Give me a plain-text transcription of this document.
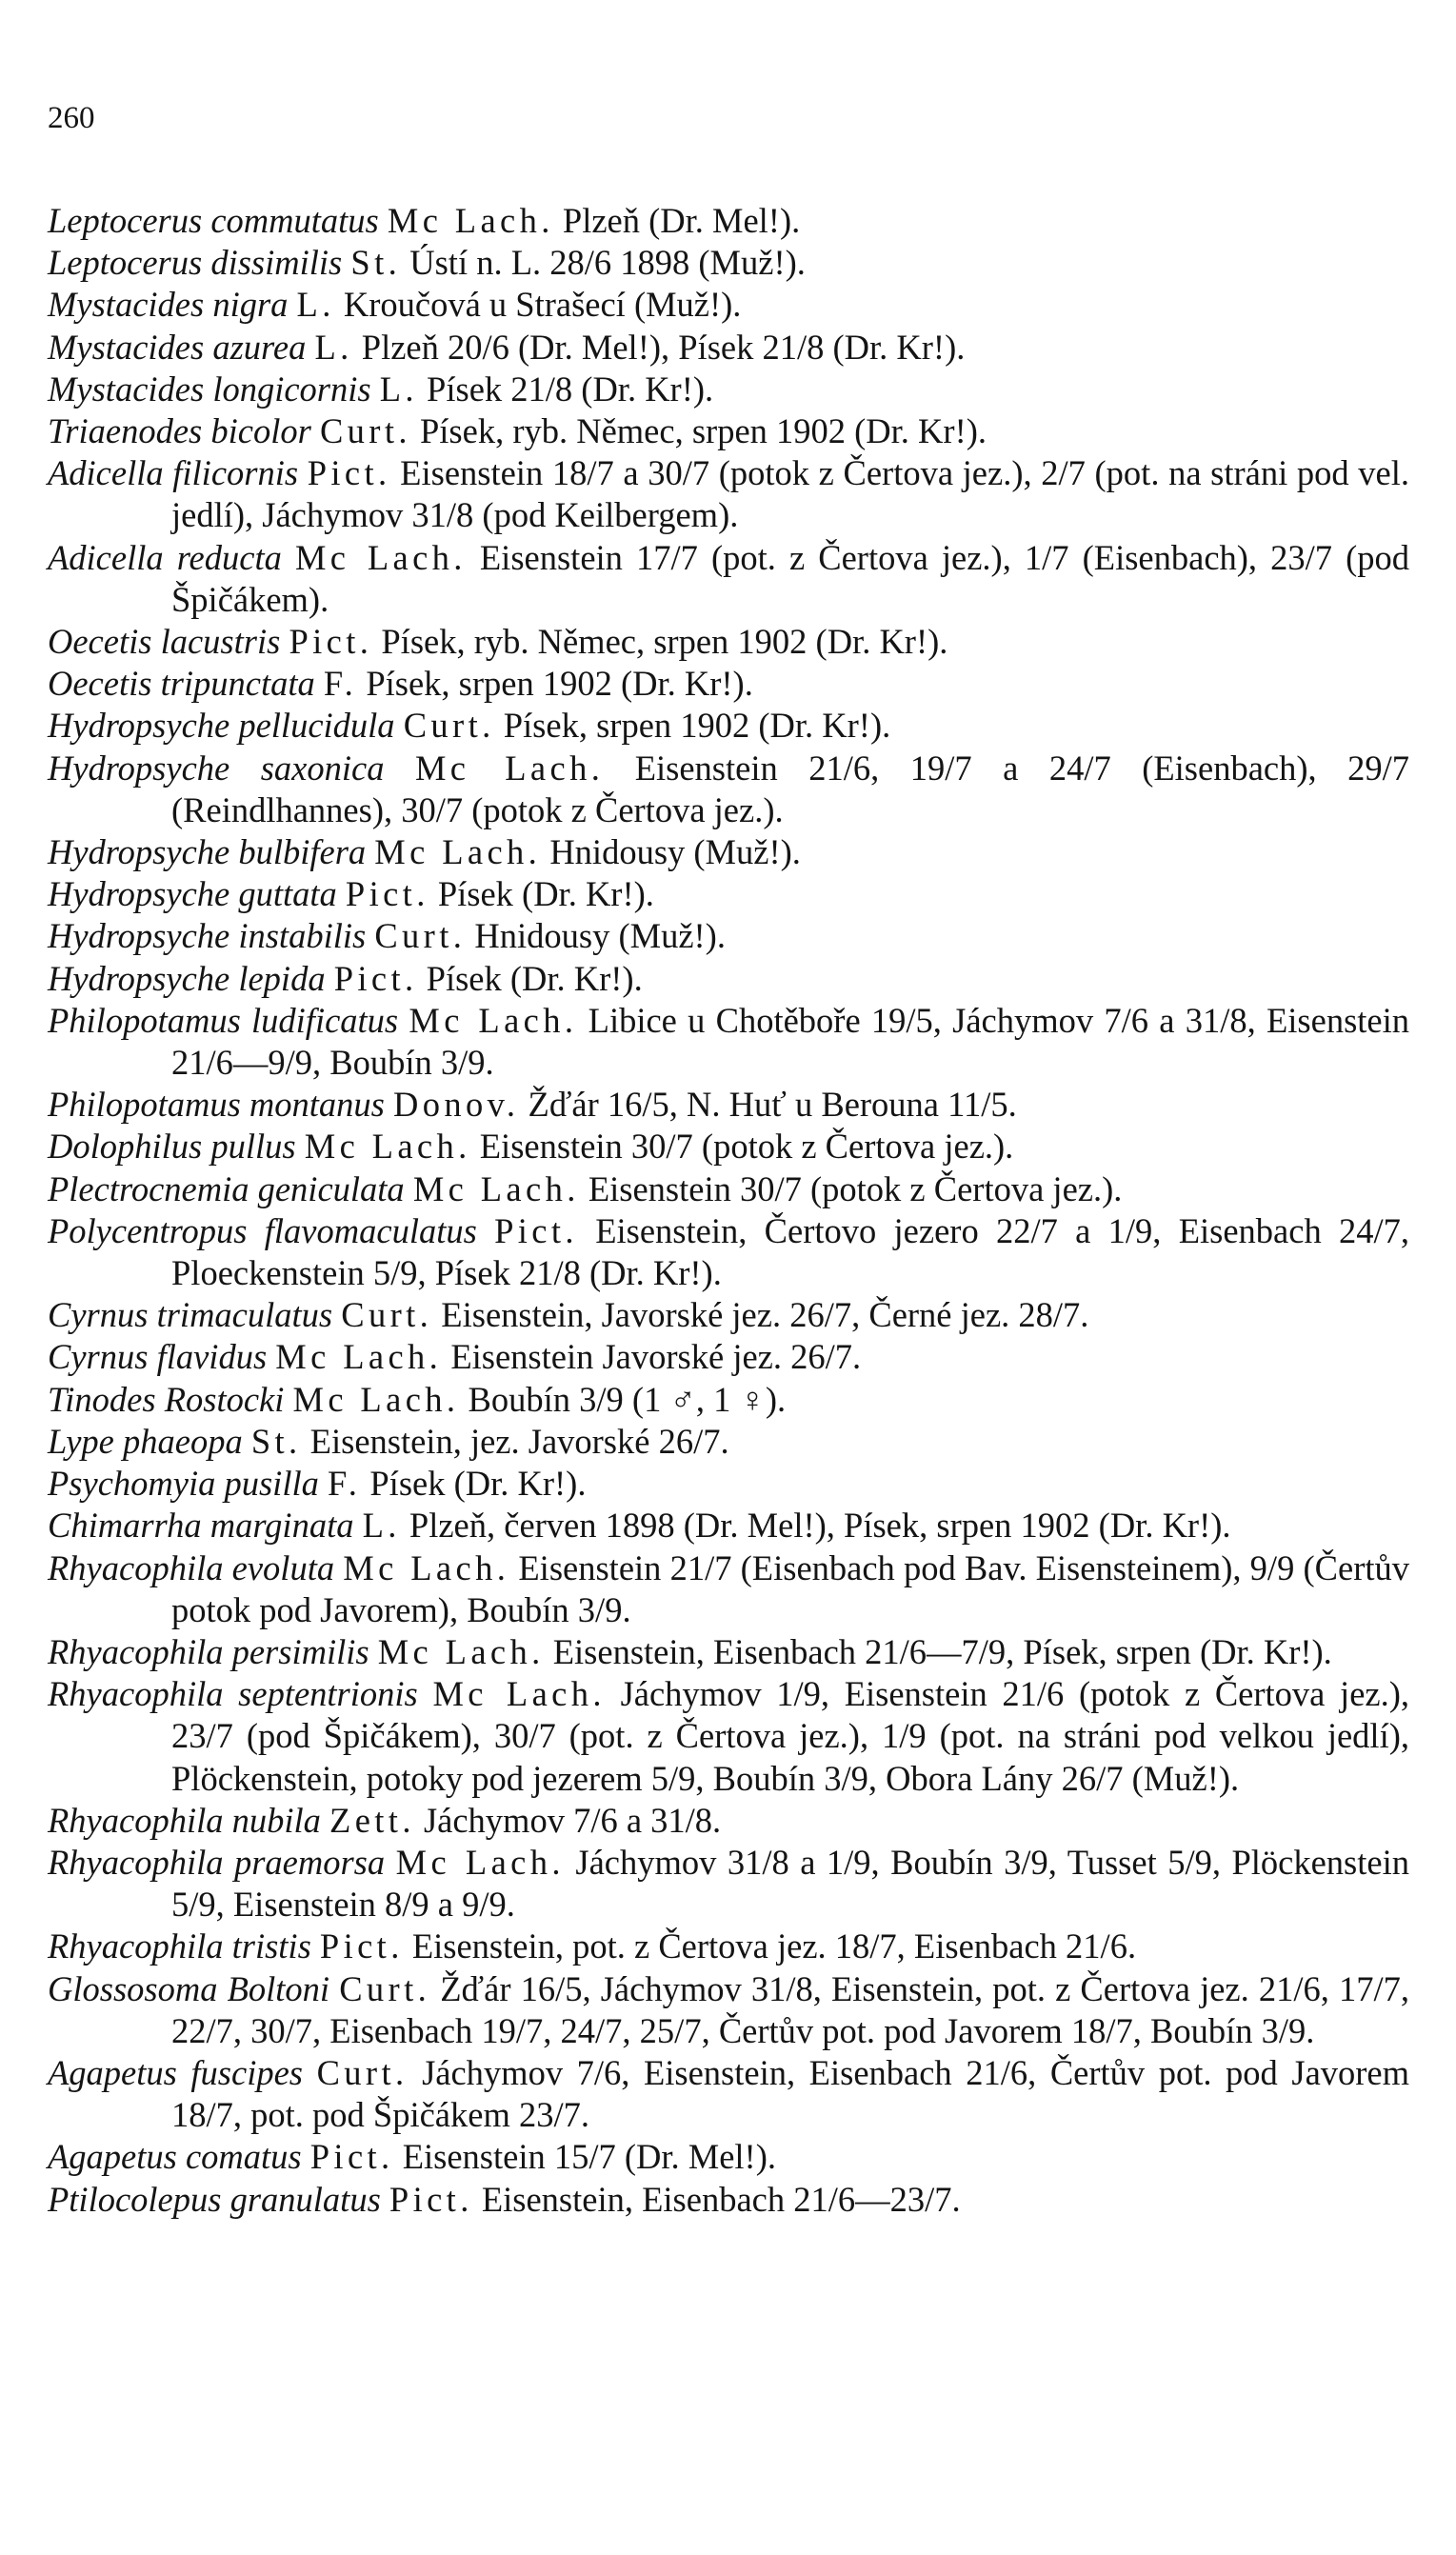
260

Leptocerus commutatus Mc Lach. Plzeň (Dr. Mel!).

Leptocerus dissimilis St. Ústí n. L. 28/6 1898 (Muž!).

Mystacides nigra L. Kroučová u Strašecí (Muž!).

Mystacides azurea L. Plzeň 20/6 (Dr. Mel!), Písek 21/8 (Dr. Kr!).

Mystacides longicornis L. Písek 21/8 (Dr. Kr!).

Triaenodes bicolor Curt. Písek, ryb. Němec, srpen 1902 (Dr. Kr!).

Adicella filicornis Pict. Eisenstein 18/7 a 30/7 (potok z Čertova jez.), 2/7 (pot. na stráni pod vel. jedlí), Jáchymov 31/8 (pod Keilbergem).

Adicella reducta Mc Lach. Eisenstein 17/7 (pot. z Čertova jez.), 1/7 (Eisenbach), 23/7 (pod Špičákem).

Oecetis lacustris Pict. Písek, ryb. Němec, srpen 1902 (Dr. Kr!).

Oecetis tripunctata F. Písek, srpen 1902 (Dr. Kr!).

Hydropsyche pellucidula Curt. Písek, srpen 1902 (Dr. Kr!).

Hydropsyche saxonica Mc Lach. Eisenstein 21/6, 19/7 a 24/7 (Eisenbach), 29/7 (Reindlhannes), 30/7 (potok z Čertova jez.).

Hydropsyche bulbifera Mc Lach. Hnidousy (Muž!).

Hydropsyche guttata Pict. Písek (Dr. Kr!).

Hydropsyche instabilis Curt. Hnidousy (Muž!).

Hydropsyche lepida Pict. Písek (Dr. Kr!).

Philopotamus ludificatus Mc Lach. Libice u Chotěboře 19/5, Jáchymov 7/6 a 31/8, Eisenstein 21/6—9/9, Boubín 3/9.

Philopotamus montanus Donov. Žďár 16/5, N. Huť u Berouna 11/5.

Dolophilus pullus Mc Lach. Eisenstein 30/7 (potok z Čertova jez.).

Plectrocnemia geniculata Mc Lach. Eisenstein 30/7 (potok z Čertova jez.).

Polycentropus flavomaculatus Pict. Eisenstein, Čertovo jezero 22/7 a 1/9, Eisenbach 24/7, Ploeckenstein 5/9, Písek 21/8 (Dr. Kr!).

Cyrnus trimaculatus Curt. Eisenstein, Javorské jez. 26/7, Černé jez. 28/7.

Cyrnus flavidus Mc Lach. Eisenstein Javorské jez. 26/7.

Tinodes Rostocki Mc Lach. Boubín 3/9 (1 ♂, 1 ♀).

Lype phaeopa St. Eisenstein, jez. Javorské 26/7.

Psychomyia pusilla F. Písek (Dr. Kr!).

Chimarrha marginata L. Plzeň, červen 1898 (Dr. Mel!), Písek, srpen 1902 (Dr. Kr!).

Rhyacophila evoluta Mc Lach. Eisenstein 21/7 (Eisenbach pod Bav. Eisensteinem), 9/9 (Čertův potok pod Javorem), Boubín 3/9.

Rhyacophila persimilis Mc Lach. Eisenstein, Eisenbach 21/6—7/9, Písek, srpen (Dr. Kr!).

Rhyacophila septentrionis Mc Lach. Jáchymov 1/9, Eisenstein 21/6 (potok z Čertova jez.), 23/7 (pod Špičákem), 30/7 (pot. z Čertova jez.), 1/9 (pot. na stráni pod velkou jedlí), Plöckenstein, potoky pod jezerem 5/9, Boubín 3/9, Obora Lány 26/7 (Muž!).

Rhyacophila nubila Zett. Jáchymov 7/6 a 31/8.

Rhyacophila praemorsa Mc Lach. Jáchymov 31/8 a 1/9, Boubín 3/9, Tusset 5/9, Plöckenstein 5/9, Eisenstein 8/9 a 9/9.

Rhyacophila tristis Pict. Eisenstein, pot. z Čertova jez. 18/7, Eisenbach 21/6.

Glossosoma Boltoni Curt. Žďár 16/5, Jáchymov 31/8, Eisenstein, pot. z Čertova jez. 21/6, 17/7, 22/7, 30/7, Eisenbach 19/7, 24/7, 25/7, Čertův pot. pod Javorem 18/7, Boubín 3/9.

Agapetus fuscipes Curt. Jáchymov 7/6, Eisenstein, Eisenbach 21/6, Čertův pot. pod Javorem 18/7, pot. pod Špičákem 23/7.

Agapetus comatus Pict. Eisenstein 15/7 (Dr. Mel!).

Ptilocolepus granulatus Pict. Eisenstein, Eisenbach 21/6—23/7.
